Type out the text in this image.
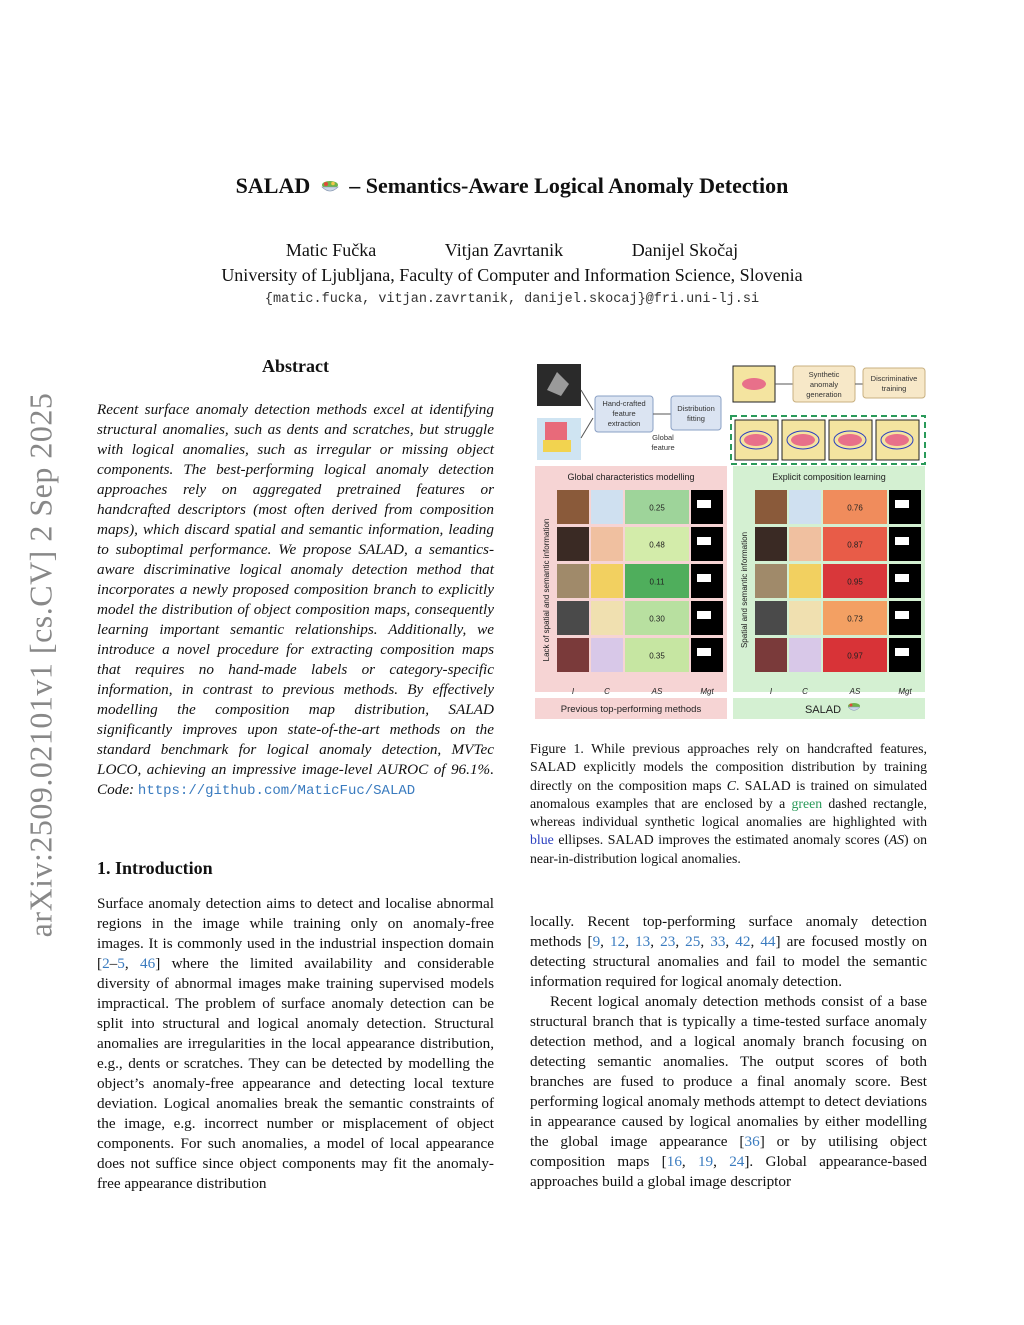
arXiv:2509.02101v1 [cs.CV] 2 Sep 2025
SALAD – Semantics-Aware Logical Anomaly Detection
Matic Fučka	Vitjan Zavrtanik	Danijel Skočaj
University of Ljubljana, Faculty of Computer and Information Science, Slovenia
{matic.fucka, vitjan.zavrtanik, danijel.skocaj}@fri.uni-lj.si
Abstract
Recent surface anomaly detection methods excel at identifying structural anomalies, such as dents and scratches, but struggle with logical anomalies, such as irregular or missing object components. The best-performing logical anomaly detection approaches rely on aggregated pretrained features or handcrafted descriptors (most often derived from composition maps), which discard spatial and semantic information, leading to suboptimal performance. We propose SALAD, a semantics-aware discriminative logical anomaly detection method that incorporates a newly proposed composition branch to explicitly model the distribution of object composition maps, consequently learning important semantic relationships. Additionally, we introduce a novel procedure for extracting composition maps that requires no hand-made labels or category-specific information, in contrast to previous methods. By effectively modelling the composition map distribution, SALAD significantly improves upon state-of-the-art methods on the standard benchmark for logical anomaly detection, MVTec LOCO, achieving an impressive image-level AUROC of 96.1%. Code: https://github.com/MaticFuc/SALAD
1. Introduction

Surface anomaly detection aims to detect and localise abnormal regions in the image while training only on anomaly-free images. It is commonly used in the industrial inspection domain [2–5, 46] where the limited availability and considerable diversity of abnormal images make training supervised models impractical. The problem of surface anomaly detection can be split into structural and logical anomaly detection. Structural anomalies are irregularities in the local appearance distribution, e.g., dents or scratches. They can be detected by modelling the object’s anomaly-free appearance and detecting local texture deviation. Logical anomalies break the semantic constraints of the image, e.g. incorrect number or misplacement of object components. For such anomalies, a model of local appearance does not suffice since object components may fit the anomaly-free appearance distribution

locally. Recent top-performing surface anomaly detection methods [9, 12, 13, 23, 25, 33, 42, 44] are focused mostly on detecting structural anomalies and fail to model the semantic information required for logical anomaly detection.

Recent logical anomaly detection methods consist of a base structural branch that is typically a time-tested surface anomaly detection method, and a logical anomaly branch focusing on detecting semantic anomalies. The output scores of both branches are fused to produce a final anomaly score. Best performing logical anomaly methods attempt to detect deviations in appearance caused by logical anomalies by either modelling the global image appearance [36] or by utilising object composition maps [16, 19, 24]. Global appearance-based approaches build a global image descriptor

Figure 1. While previous approaches rely on handcrafted features, SALAD explicitly models the composition distribution by training directly on the composition maps C. SALAD is trained on simulated anomalous examples that are enclosed by a green dashed rectangle, whereas individual synthetic logical anomalies are highlighted with blue ellipses. SALAD improves the estimated anomaly scores (AS) on near-in-distribution logical anomalies.
Hand-crafted
feature
extraction
Distribution
fitting
Global
feature
Synthetic
anomaly
generation
Discriminative
training
Global characteristics modelling	Explicit composition learning
Lack of spatial and semantic information	Spatial and semantic information
0.25
0.48
0.11
0.30
0.35
0.76
0.87
0.95
0.73
0.97
I	C	AS	Mgt	I	C	AS	Mgt
Previous top-performing methods	SALAD
